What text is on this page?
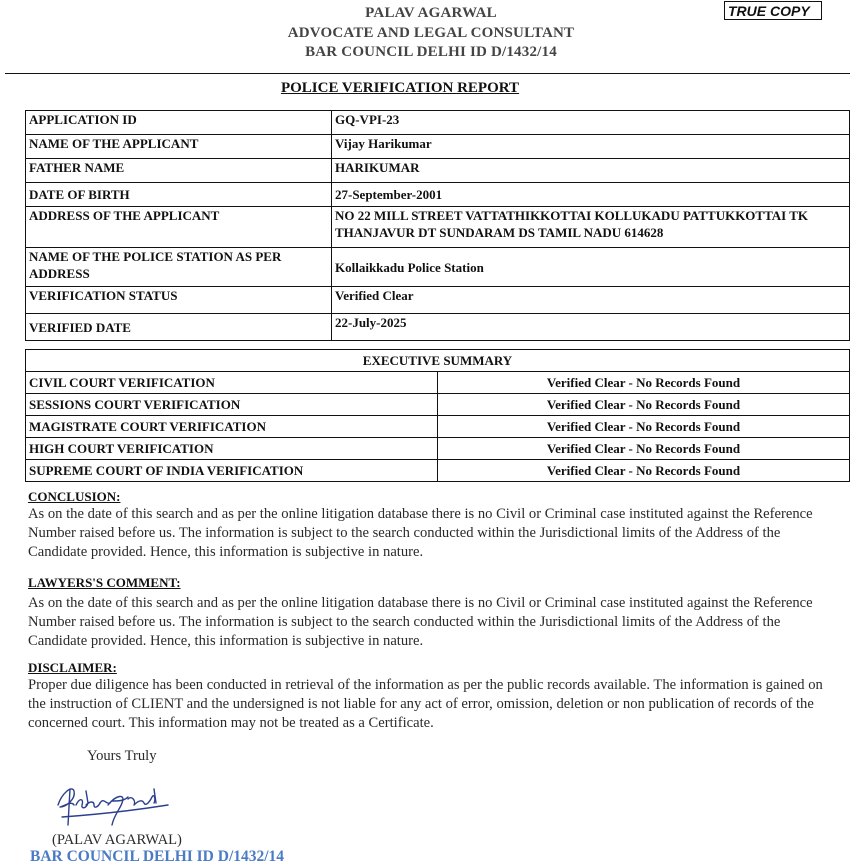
TRUE COPY
PALAV AGARWAL
ADVOCATE AND LEGAL CONSULTANT
BAR COUNCIL DELHI ID D/1432/14
POLICE VERIFICATION REPORT
APPLICATION ID	GQ-VPI-23
NAME OF THE APPLICANT	Vijay Harikumar
FATHER NAME	HARIKUMAR
DATE OF BIRTH	27-September-2001
ADDRESS OF THE APPLICANT	NO 22 MILL STREET VATTATHIKKOTTAI KOLLUKADU PATTUKKOTTAI TK THANJAVUR DT SUNDARAM DS TAMIL NADU 614628
NAME OF THE POLICE STATION AS PER ADDRESS	Kollaikkadu Police Station
VERIFICATION STATUS	Verified Clear
VERIFIED DATE	22-July-2025
EXECUTIVE SUMMARY	
CIVIL COURT VERIFICATION	Verified Clear - No Records Found
SESSIONS COURT VERIFICATION	Verified Clear - No Records Found
MAGISTRATE COURT VERIFICATION	Verified Clear - No Records Found
HIGH COURT VERIFICATION	Verified Clear - No Records Found
SUPREME COURT OF INDIA VERIFICATION	Verified Clear - No Records Found
CONCLUSION:

As on the date of this search and as per the online litigation database there is no Civil or Criminal case instituted against the Reference Number raised before us. The information is subject to the search conducted within the Jurisdictional limits of the Address of the Candidate provided. Hence, this information is subjective in nature.

LAWYERS'S COMMENT:

As on the date of this search and as per the online litigation database there is no Civil or Criminal case instituted against the Reference Number raised before us. The information is subject to the search conducted within the Jurisdictional limits of the Address of the Candidate provided. Hence, this information is subjective in nature.

DISCLAIMER:

Proper due diligence has been conducted in retrieval of the information as per the public records available. The information is gained on the instruction of CLIENT and the undersigned is not liable for any act of error, omission, deletion or non publication of records of the concerned court. This information may not be treated as a Certificate.

Yours Truly
(PALAV AGARWAL)
BAR COUNCIL DELHI ID D/1432/14
